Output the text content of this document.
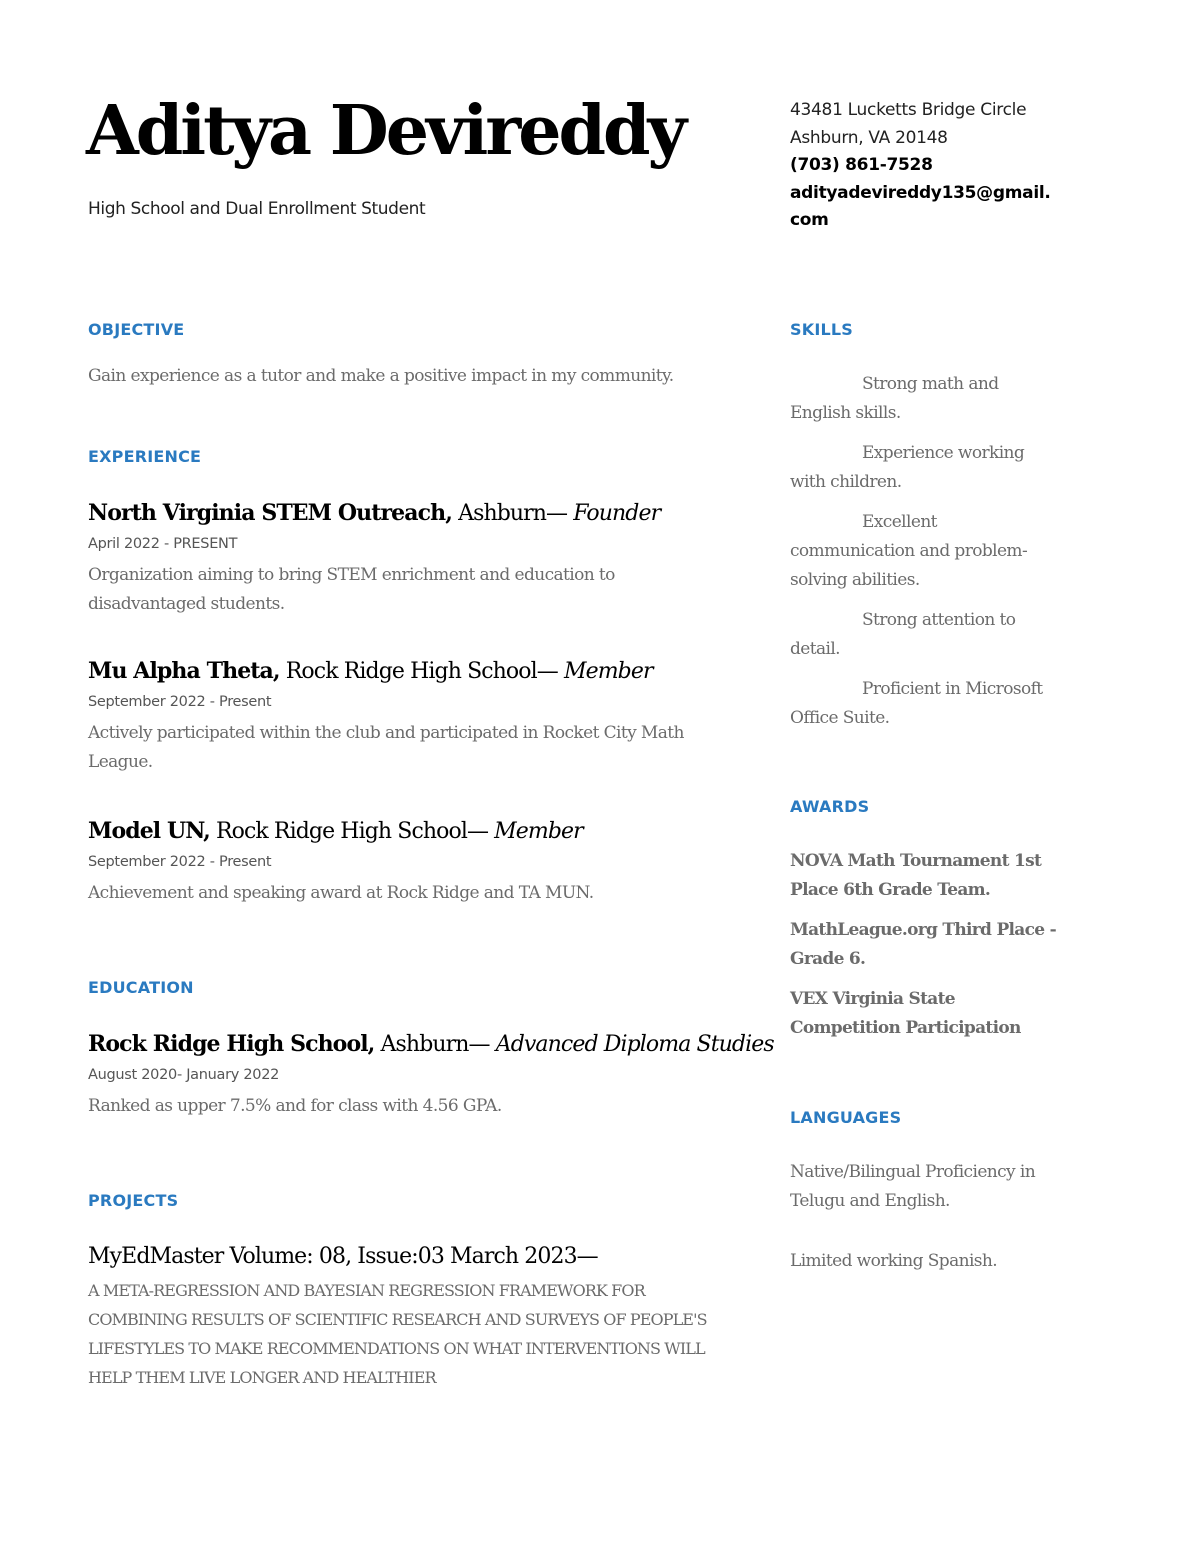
Aditya Devireddy
High School and Dual Enrollment Student
43481 Lucketts Bridge Circle
Ashburn, VA 20148
(703) 861-7528
adityadevireddy135@gmail.com
OBJECTIVE
Gain experience as a tutor and make a positive impact in my community.
EXPERIENCE
North Virginia STEM Outreach, Ashburn— Founder
April 2022 - PRESENT
Organization aiming to bring STEM enrichment and education to disadvantaged students.
Mu Alpha Theta, Rock Ridge High School— Member
September 2022 - Present
Actively participated within the club and participated in Rocket City Math League.
Model UN, Rock Ridge High School— Member
September 2022 - Present
Achievement and speaking award at Rock Ridge and TA MUN.
EDUCATION
Rock Ridge High School, Ashburn— Advanced Diploma Studies
August 2020- January 2022
Ranked as upper 7.5% and for class with 4.56 GPA.
PROJECTS
MyEdMaster Volume: 08, Issue:03 March 2023—
A META-REGRESSION AND BAYESIAN REGRESSION FRAMEWORK FOR COMBINING RESULTS OF SCIENTIFIC RESEARCH AND SURVEYS OF PEOPLE'S LIFESTYLES TO MAKE RECOMMENDATIONS ON WHAT INTERVENTIONS WILL HELP THEM LIVE LONGER AND HEALTHIER
SKILLS
Strong math and English skills.
Experience working with children.
Excellent communication and problem-solving abilities.
Strong attention to detail.
Proficient in Microsoft Office Suite.
AWARDS
NOVA Math Tournament 1st Place 6th Grade Team.
MathLeague.org Third Place - Grade 6.
VEX Virginia State Competition Participation
LANGUAGES
Native/Bilingual Proficiency in Telugu and English.
Limited working Spanish.
